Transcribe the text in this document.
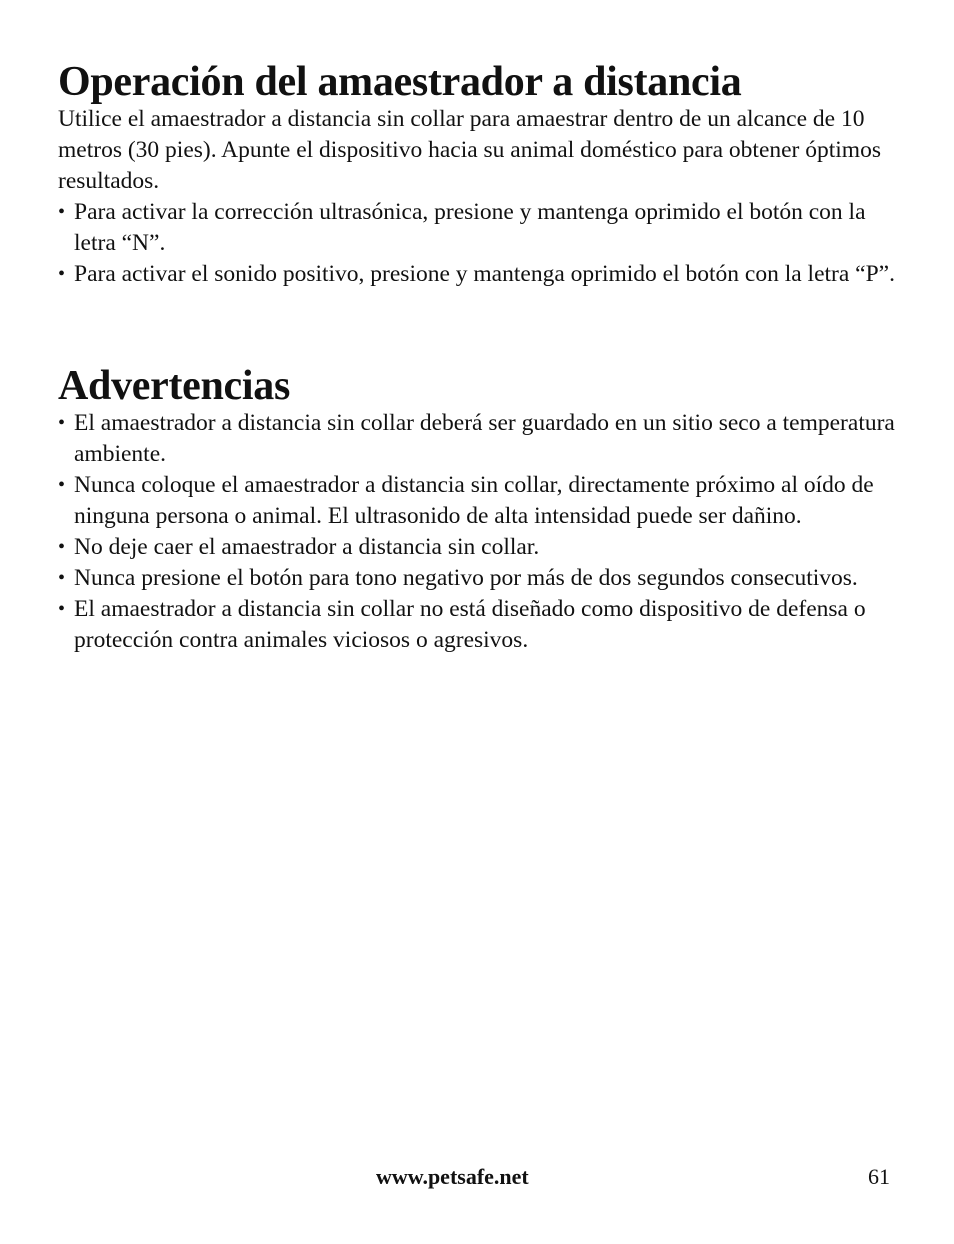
Operación del amaestrador a distancia

Utilice el amaestrador a distancia sin collar para amaestrar dentro de un alcance de 10 metros (30 pies). Apunte el dispositivo hacia su animal doméstico para obtener óptimos resultados.

• Para activar la corrección ultrasónica, presione y mantenga oprimido el botón con la letra “N”.
• Para activar el sonido positivo, presione y mantenga oprimido el botón con la letra “P”.
Advertencias
• El amaestrador a distancia sin collar deberá ser guardado en un sitio seco a temperatura ambiente.
• Nunca coloque el amaestrador a distancia sin collar, directamente próximo al oído de ninguna persona o animal. El ultrasonido de alta intensidad puede ser dañino.
• No deje caer el amaestrador a distancia sin collar.
• Nunca presione el botón para tono negativo por más de dos segundos consecutivos.
• El amaestrador a distancia sin collar no está diseñado como dispositivo de defensa o protección contra animales viciosos o agresivos.
www.petsafe.net	61
